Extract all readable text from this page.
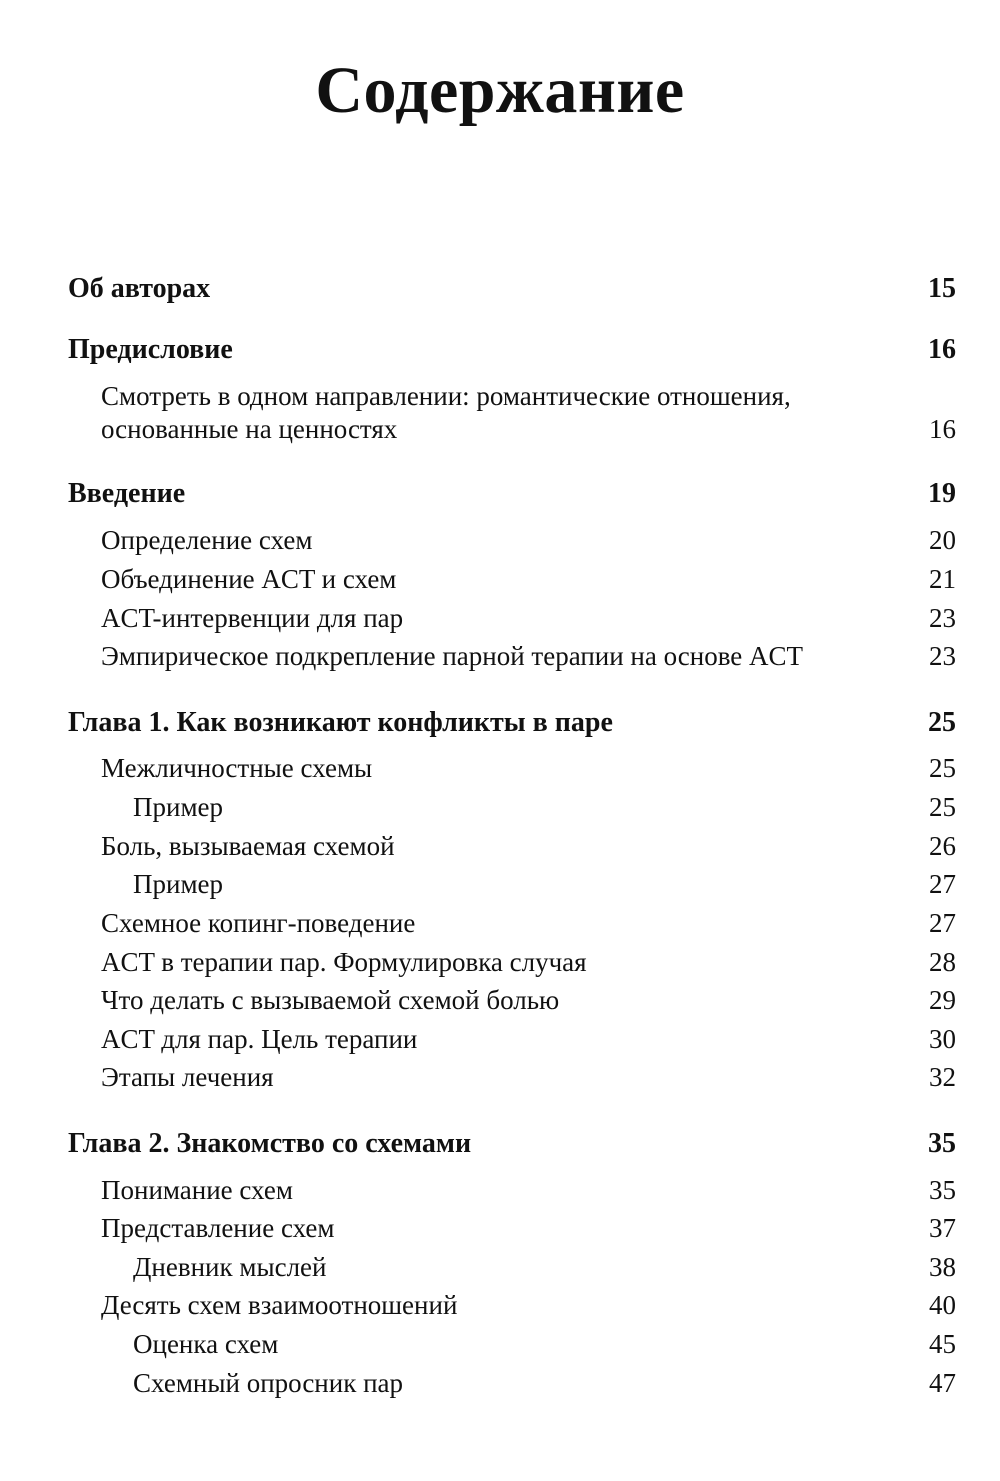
Содержание
Об авторах	15
Предисловие	16
Смотреть в одном направлении: романтические отношения, основанные на ценностях	16
Введение	19
Определение схем	20
Объединение ACT и схем	21
ACT-интервенции для пар	23
Эмпирическое подкрепление парной терапии на основе ACT	23
Глава 1. Как возникают конфликты в паре	25
Межличностные схемы	25
Пример	25
Боль, вызываемая схемой	26
Пример	27
Схемное копинг-поведение	27
ACT в терапии пар. Формулировка случая	28
Что делать с вызываемой схемой болью	29
ACT для пар. Цель терапии	30
Этапы лечения	32
Глава 2. Знакомство со схемами	35
Понимание схем	35
Представление схем	37
Дневник мыслей	38
Десять схем взаимоотношений	40
Оценка схем	45
Схемный опросник пар	47
